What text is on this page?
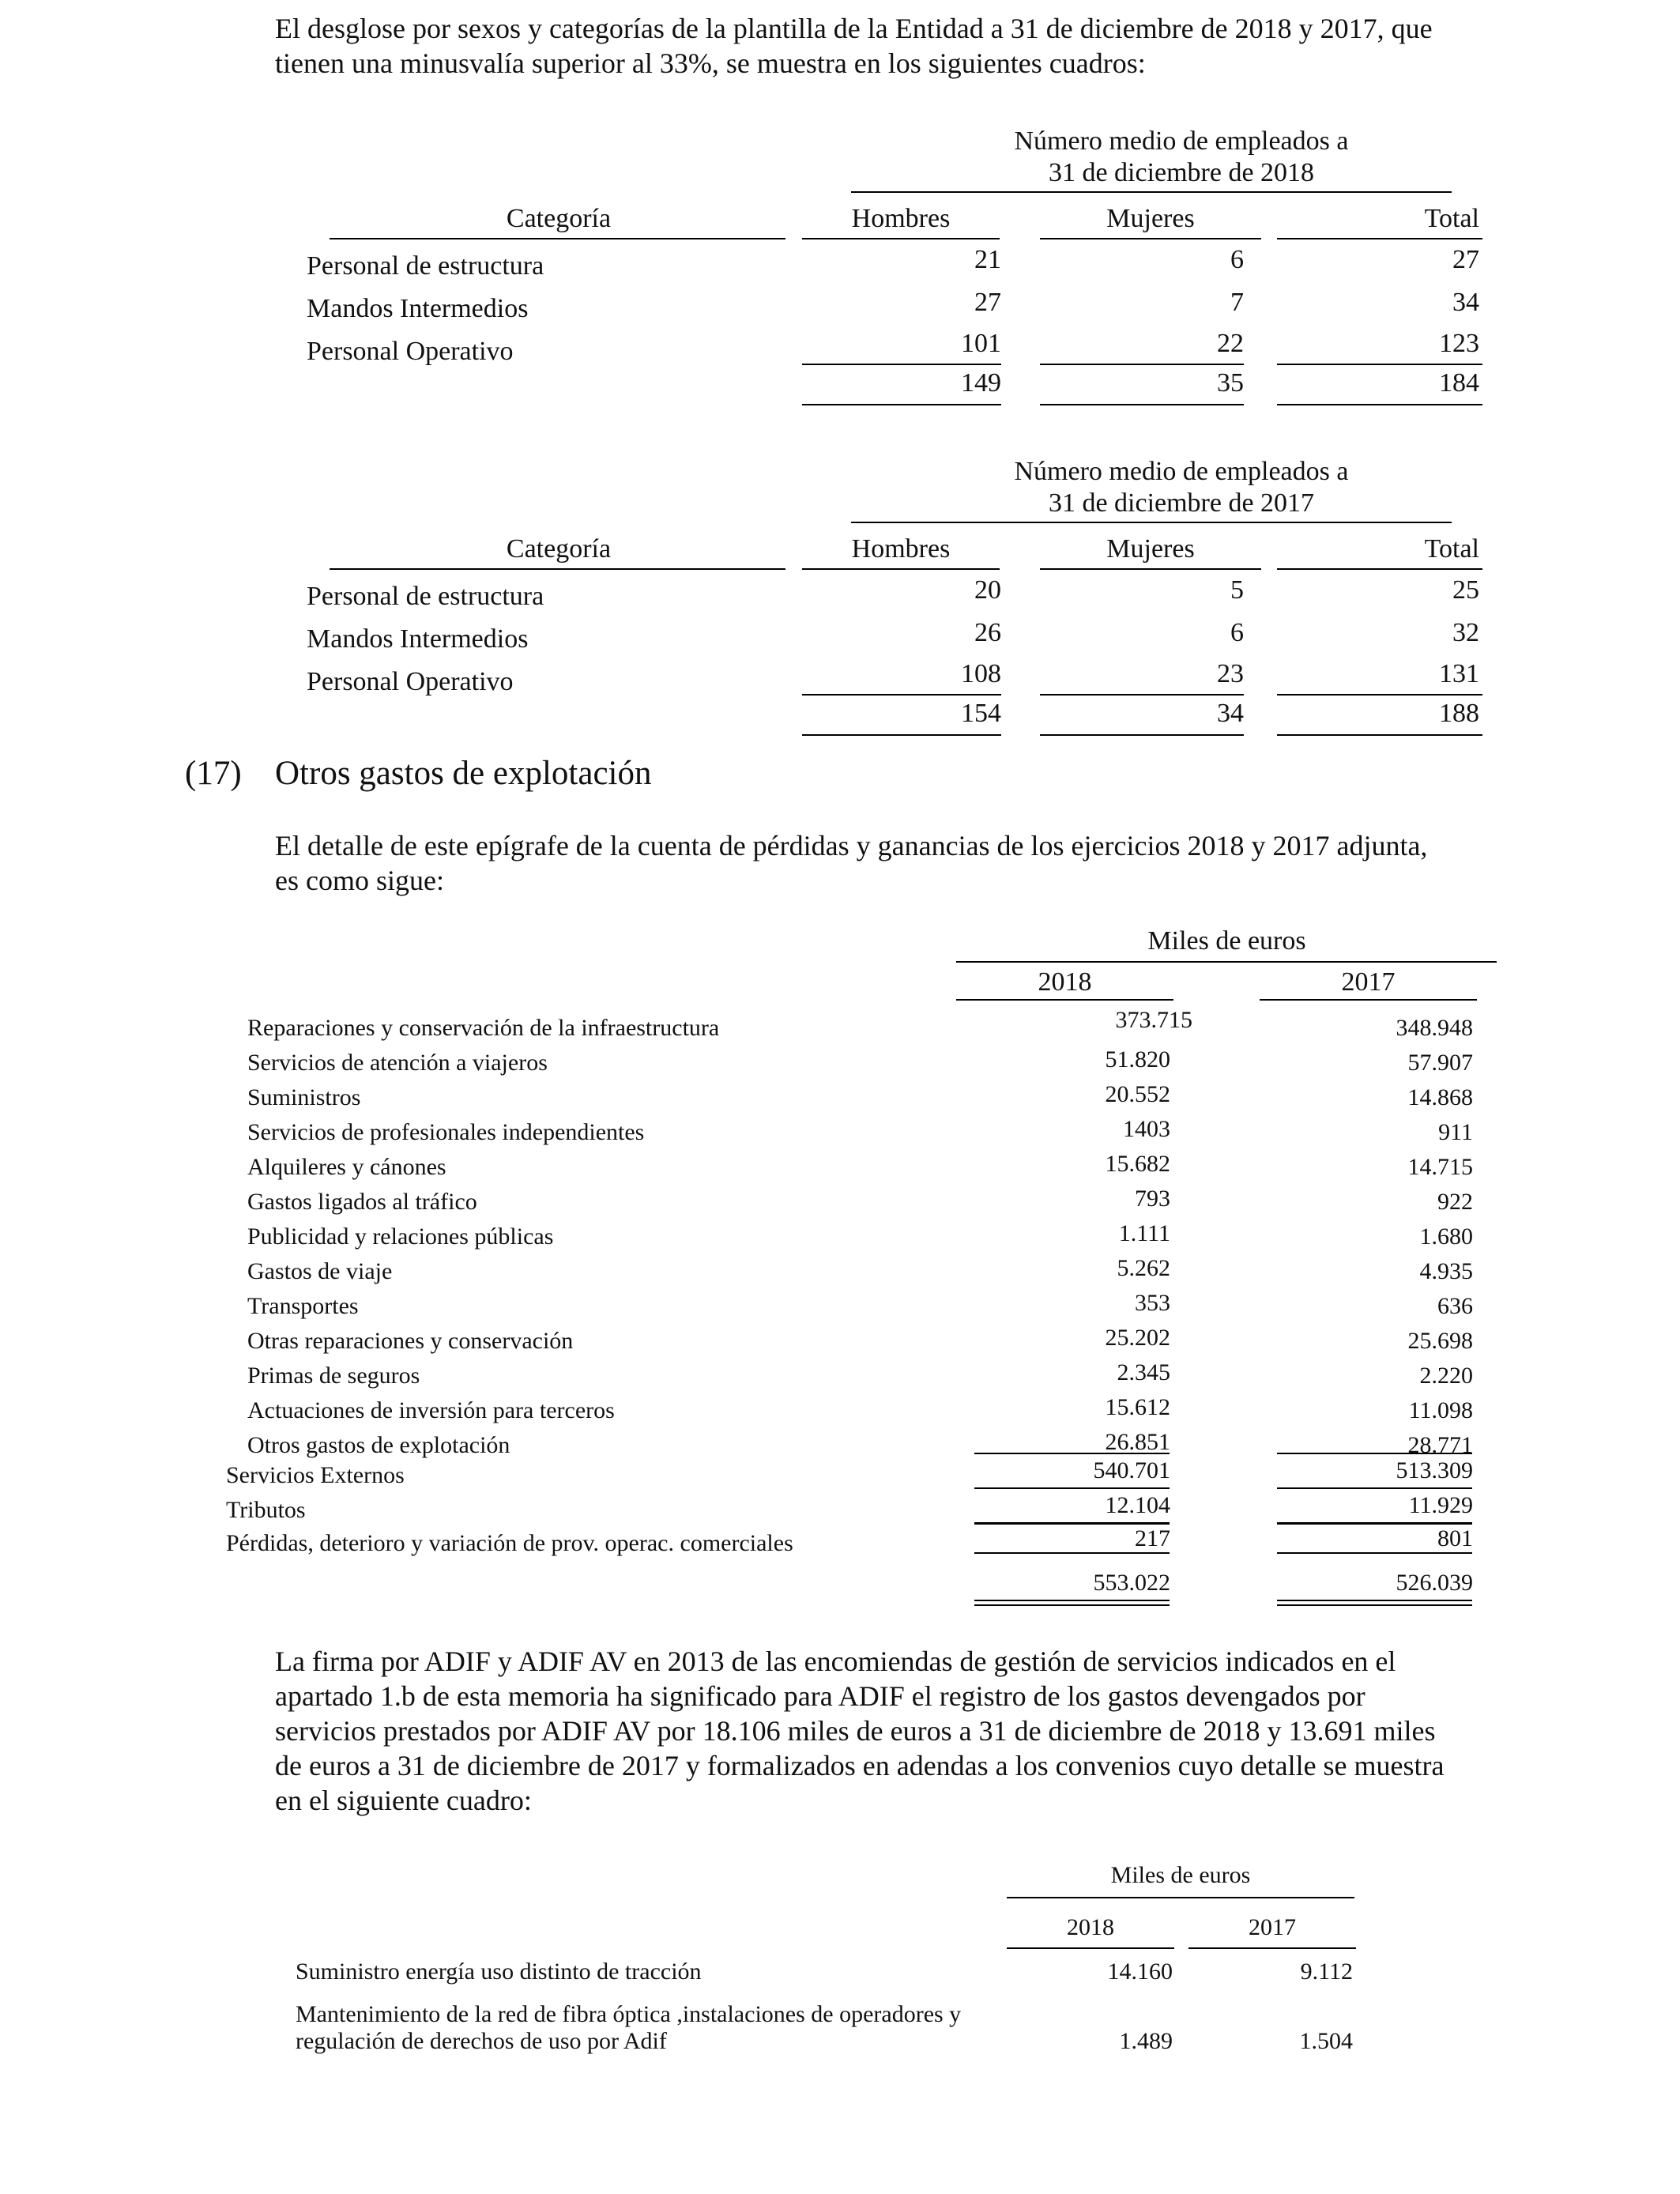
El desglose por sexos y categorías de la plantilla de la Entidad a 31 de diciembre de 2018 y 2017, que
tienen una minusvalía superior al 33%, se muestra en los siguientes cuadros:
Número medio de empleados a
31 de diciembre de 2018
Categoría	Hombres	Mujeres	Total
Personal de estructura	21	6	27
Mandos Intermedios	27	7	34
Personal Operativo	101	22	123
149	35	184
Número medio de empleados a
31 de diciembre de 2017
Categoría	Hombres	Mujeres	Total
Personal de estructura	20	5	25
Mandos Intermedios	26	6	32
Personal Operativo	108	23	131
154	34	188
(17) Otros gastos de explotación
El detalle de este epígrafe de la cuenta de pérdidas y ganancias de los ejercicios 2018 y 2017 adjunta,
es como sigue:
Miles de euros
2018	2017
Reparaciones y conservación de la infraestructura	373.715	348.948
Servicios de atención a viajeros	51.820	57.907
Suministros	20.552	14.868
Servicios de profesionales independientes	1403	911
Alquileres y cánones	15.682	14.715
Gastos ligados al tráfico	793	922
Publicidad y relaciones públicas	1.111	1.680
Gastos de viaje	5.262	4.935
Transportes	353	636
Otras reparaciones y conservación	25.202	25.698
Primas de seguros	2.345	2.220
Actuaciones de inversión para terceros	15.612	11.098
Otros gastos de explotación	26.851	28.771
Servicios Externos	540.701	513.309
Tributos	12.104	11.929
Pérdidas, deterioro y variación de prov. operac. comerciales	217	801
553.022	526.039
La firma por ADIF y ADIF AV en 2013 de las encomiendas de gestión de servicios indicados en el
apartado 1.b de esta memoria ha significado para ADIF el registro de los gastos devengados por
servicios prestados por ADIF AV por 18.106 miles de euros a 31 de diciembre de 2018 y 13.691 miles
de euros a 31 de diciembre de 2017 y formalizados en adendas a los convenios cuyo detalle se muestra
en el siguiente cuadro:
Miles de euros
2018	2017
Suministro energía uso distinto de tracción	14.160	9.112
Mantenimiento de la red de fibra óptica ,instalaciones de operadores y
regulación de derechos de uso por Adif	1.489	1.504
